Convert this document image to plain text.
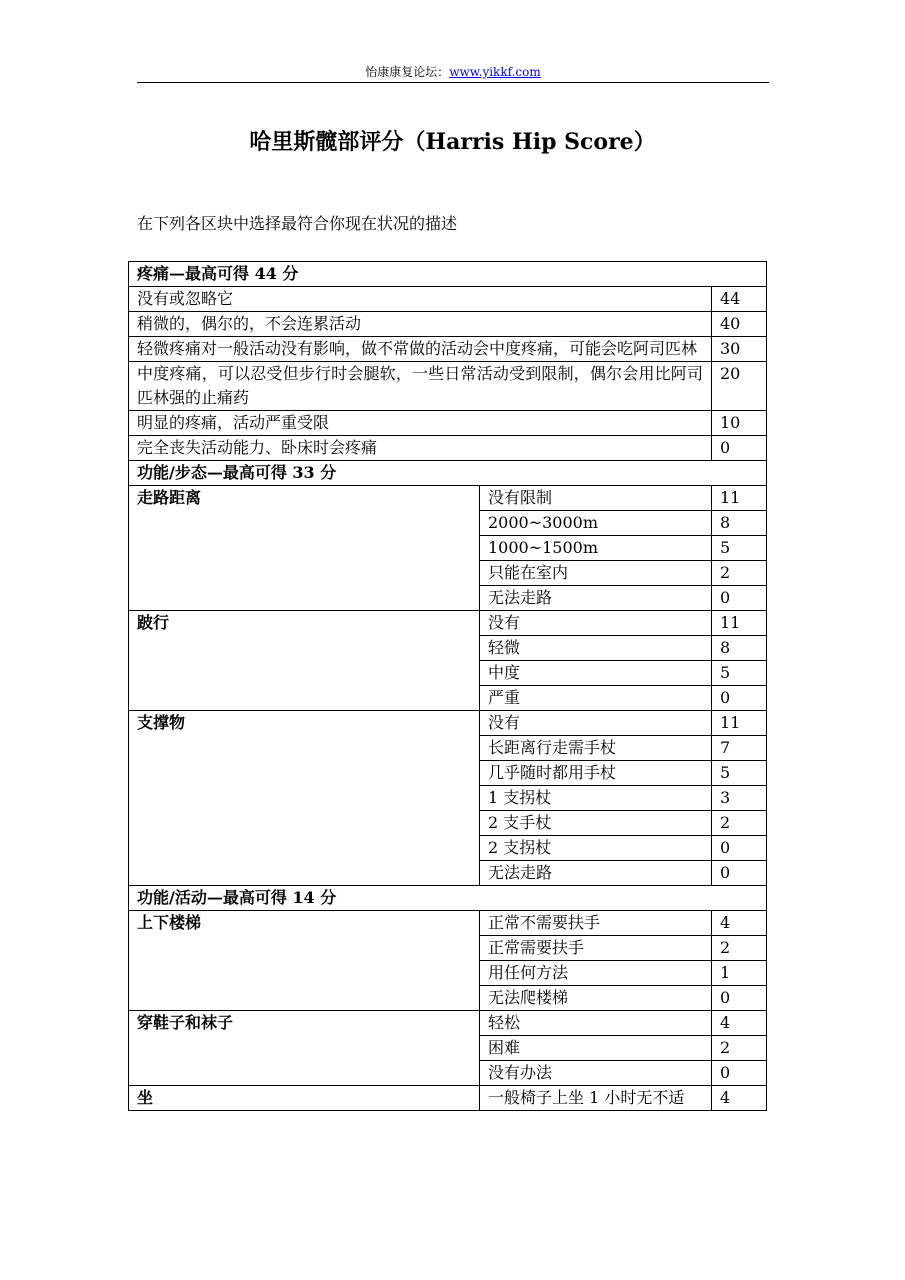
怡康康复论坛：www.yikkf.com
哈里斯髋部评分（Harris Hip Score）
在下列各区块中选择最符合你现在状况的描述
疼痛—最高可得 44 分		
没有或忽略它		44
稍微的，偶尔的，不会连累活动		40
轻微疼痛对一般活动没有影响，做不常做的活动会中度疼痛，可能会吃阿司匹林		30
中度疼痛，可以忍受但步行时会腿软，一些日常活动受到限制，偶尔会用比阿司匹林强的止痛药		20
明显的疼痛，活动严重受限		10
完全丧失活动能力、卧床时会疼痛		0
功能/步态—最高可得 33 分		
走路距离	没有限制	11
	2000~3000m	8
	1000~1500m	5
	只能在室内	2
	无法走路	0
跛行	没有	11
	轻微	8
	中度	5
	严重	0
支撑物	没有	11
	长距离行走需手杖	7
	几乎随时都用手杖	5
	1 支拐杖	3
	2 支手杖	2
	2 支拐杖	0
	无法走路	0
功能/活动—最高可得 14 分		
上下楼梯	正常不需要扶手	4
	正常需要扶手	2
	用任何方法	1
	无法爬楼梯	0
穿鞋子和袜子	轻松	4
	困难	2
	没有办法	0
坐	一般椅子上坐 1 小时无不适	4
